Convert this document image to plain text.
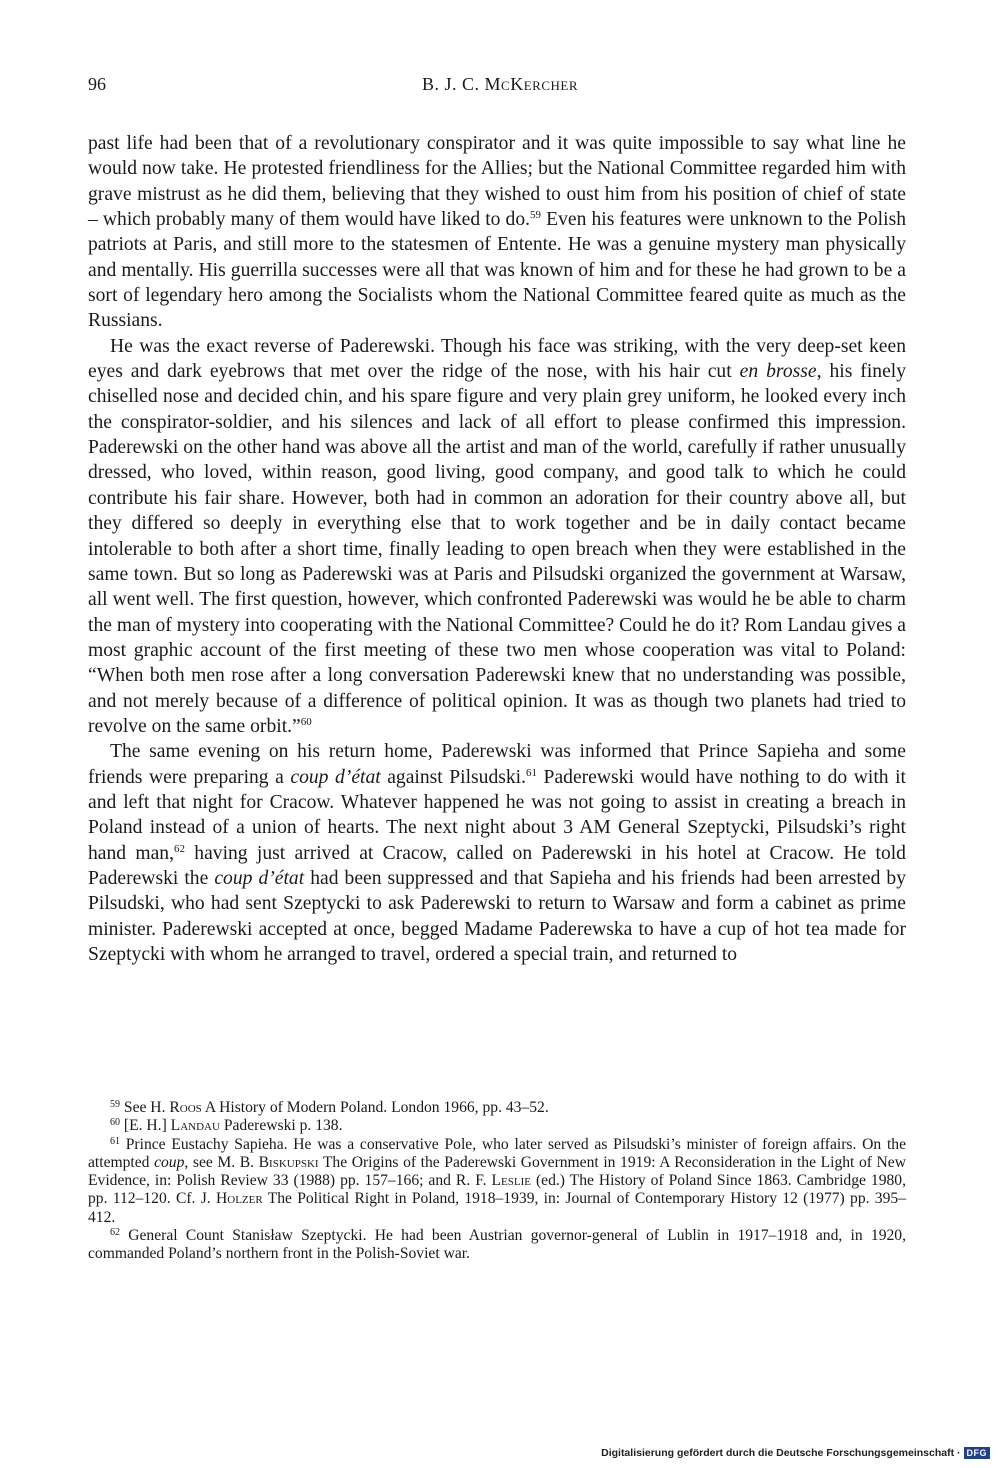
96	B. J. C. McKercher

past life had been that of a revolutionary conspirator and it was quite impossible to say what line he would now take. He protested friendliness for the Allies; but the National Committee regarded him with grave mistrust as he did them, believing that they wished to oust him from his position of chief of state – which probably many of them would have liked to do.$^{59}$ Even his features were unknown to the Polish patriots at Paris, and still more to the statesmen of Entente. He was a genuine mystery man physically and mentally. His guerrilla successes were all that was known of him and for these he had grown to be a sort of legendary hero among the Socialists whom the National Committee feared quite as much as the Russians.

He was the exact reverse of Paderewski. Though his face was striking, with the very deep-set keen eyes and dark eyebrows that met over the ridge of the nose, with his hair cut en brosse, his finely chiselled nose and decided chin, and his spare figure and very plain grey uniform, he looked every inch the conspirator-soldier, and his silences and lack of all effort to please confirmed this impression. Paderewski on the other hand was above all the artist and man of the world, carefully if rather unusually dressed, who loved, within reason, good living, good company, and good talk to which he could contribute his fair share. However, both had in common an adoration for their country above all, but they differed so deeply in everything else that to work together and be in daily contact became intolerable to both after a short time, finally leading to open breach when they were established in the same town. But so long as Paderewski was at Paris and Pilsudski organized the government at Warsaw, all went well. The first question, however, which confronted Paderewski was would he be able to charm the man of mystery into cooperating with the National Committee? Could he do it? Rom Landau gives a most graphic account of the first meeting of these two men whose cooperation was vital to Poland: “When both men rose after a long conversation Paderewski knew that no understanding was possible, and not merely because of a difference of political opinion. It was as though two planets had tried to revolve on the same orbit.”$^{60}$

The same evening on his return home, Paderewski was informed that Prince Sapieha and some friends were preparing a coup d’état against Pilsudski.$^{61}$ Paderewski would have nothing to do with it and left that night for Cracow. Whatever happened he was not going to assist in creating a breach in Poland instead of a union of hearts. The next night about 3 AM General Szeptycki, Pilsudski’s right hand man,$^{62}$ having just arrived at Cracow, called on Paderewski in his hotel at Cracow. He told Paderewski the coup d’état had been suppressed and that Sapieha and his friends had been arrested by Pilsudski, who had sent Szeptycki to ask Paderewski to return to Warsaw and form a cabinet as prime minister. Paderewski accepted at once, begged Madame Paderewska to have a cup of hot tea made for Szeptycki with whom he arranged to travel, ordered a special train, and returned to

$^{59}$ See H. Roos A History of Modern Poland. London 1966, pp. 43–52.

$^{60}$ [E. H.] Landau Paderewski p. 138.

$^{61}$ Prince Eustachy Sapieha. He was a conservative Pole, who later served as Pilsudski’s minister of foreign affairs. On the attempted coup, see M. B. Biskupski The Origins of the Paderewski Government in 1919: A Reconsideration in the Light of New Evidence, in: Polish Review 33 (1988) pp. 157–166; and R. F. Leslie (ed.) The History of Poland Since 1863. Cambridge 1980, pp. 112–120. Cf. J. Holzer The Political Right in Poland, 1918–1939, in: Journal of Contemporary History 12 (1977) pp. 395–412.

$^{62}$ General Count Stanisław Szeptycki. He had been Austrian governor-general of Lublin in 1917–1918 and, in 1920, commanded Poland’s northern front in the Polish-Soviet war.

Digitalisierung gefördert durch die Deutsche Forschungsgemeinschaft · DFG
